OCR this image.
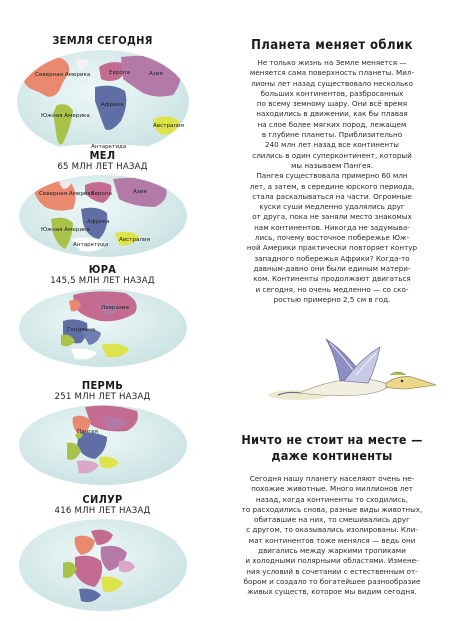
ЗЕМЛЯ СЕГОДНЯ
Северная Америка	Европа	Азия
Африка
Южная Америка
Австралия
Антарктида
МЕЛ
65 МЛН ЛЕТ НАЗАД
Северная Америка
Европа	Азия
Африка
Южная Америка
Австралия
Антарктида
ЮРА
145,5 МЛН ЛЕТ НАЗАД
Лавразия
Гондвана
ПЕРМЬ
251 МЛН ЛЕТ НАЗАД
Пангея
СИЛУР
416 МЛН ЛЕТ НАЗАД
Планета меняет облик
Не только жизнь на Земле меняется —
меняется сама поверхность планеты. Мил-
лионы лет назад существовало несколько
больших континентов, разбросанных
по всему земному шару. Они всё время
находились в движении, как бы плавая
на слое более мягких пород, лежащем
в глубине планеты. Приблизительно
240 млн лет назад все континенты
слились в один суперконтинент, который
мы называем Пангея.
Пангея существовала примерно 60 млн
лет, а затем, в середине юрского периода,
стала раскалываться на части. Огромные
куски суши медленно удалялись друг
от друга, пока не заняли место знакомых
нам континентов. Никогда не задумыва-
лись, почему восточное побережье Юж-
ной Америки практически повторяет контур
западного побережья Африки? Когда-то
давным-давно они были единым матери-
ком. Континенты продолжают двигаться
и сегодня, но очень медленно — со ско-
ростью примерно 2,5 см в год.
Ничто не стоит на месте —
даже континенты
Сегодня нашу планету населяют очень не-
похожие животные. Много миллионов лет
назад, когда континенты то сходились,
то расходились снова, разные виды животных,
обитавшие на них, то смешивались друг
с другом, то оказывались изолированы. Кли-
мат континентов тоже менялся — ведь они
двигались между жаркими тропиками
и холодными полярными областями. Измене-
ния условий в сочетании с естественным от-
бором и создало то богатейшее разнообразие
живых существ, которое мы видим сегодня.
